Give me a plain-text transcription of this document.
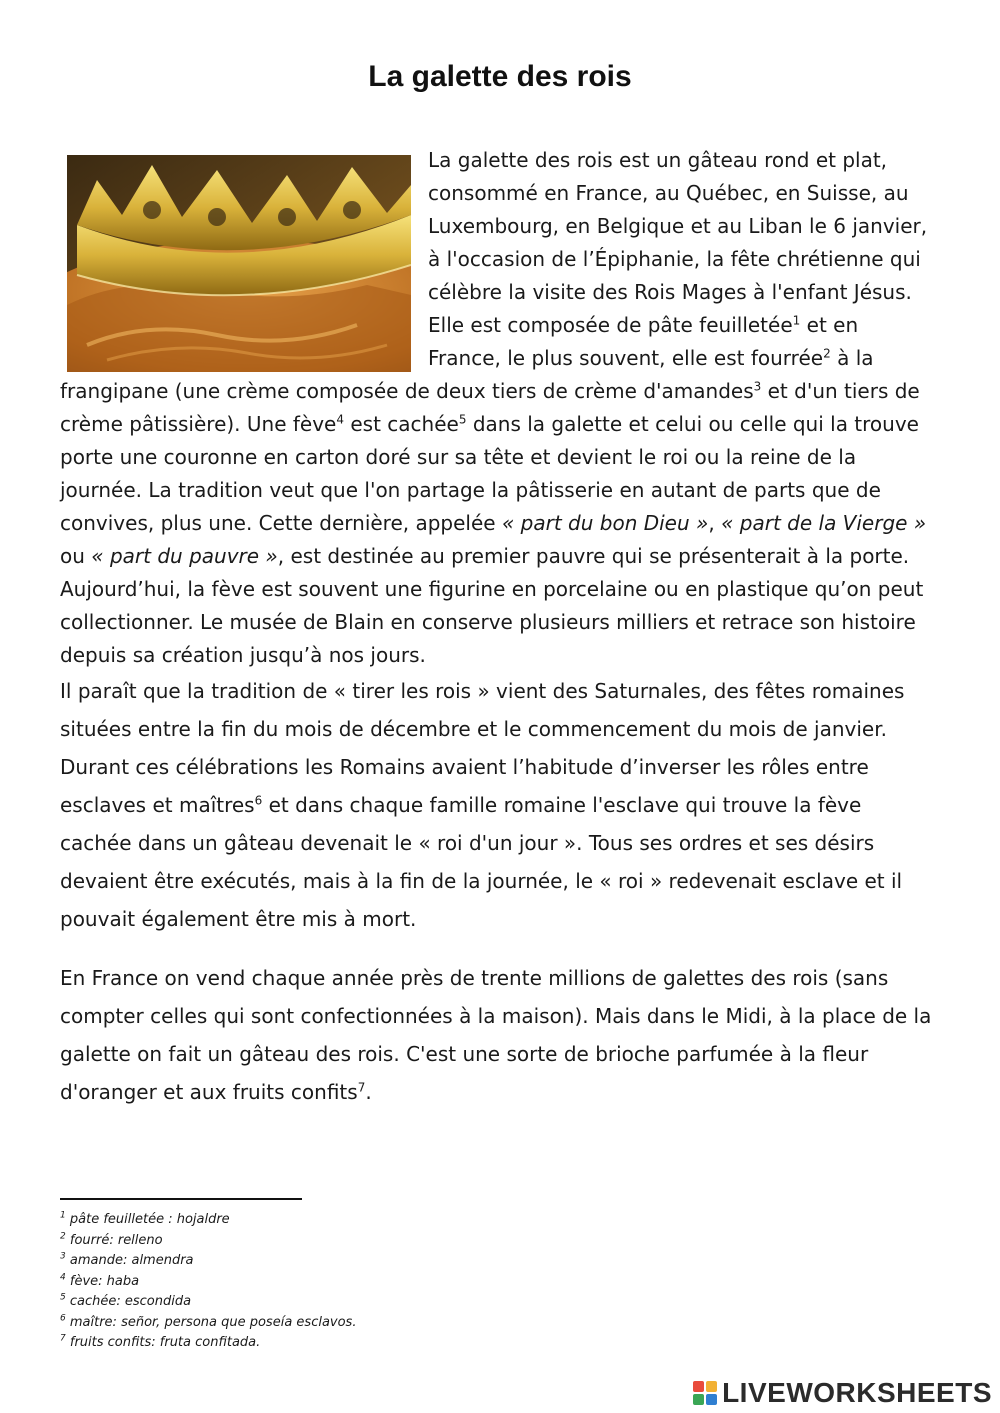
La galette des rois

La galette des rois est un gâteau rond et plat, consommé en France, au Québec, en Suisse, au Luxembourg, en Belgique et au Liban le 6 janvier, à l'occasion de l’Épiphanie, la fête chrétienne qui célèbre la visite des Rois Mages à l'enfant Jésus.

Elle est composée de pâte feuilletée$^1$ et en France, le plus souvent, elle est fourrée$^2$ à la frangipane (une crème composée de deux tiers de crème d'amandes$^3$ et d'un tiers de crème pâtissière). Une fève$^4$ est cachée$^5$ dans la galette et celui ou celle qui la trouve porte une couronne en carton doré sur sa tête et devient le roi ou la reine de la journée. La tradition veut que l'on partage la pâtisserie en autant de parts que de convives, plus une. Cette dernière, appelée « part du bon Dieu », « part de la Vierge » ou « part du pauvre », est destinée au premier pauvre qui se présenterait à la porte.

Aujourd’hui, la fève est souvent une figurine en porcelaine ou en plastique qu’on peut collectionner. Le musée de Blain en conserve plusieurs milliers et retrace son histoire depuis sa création jusqu’à nos jours.

Il paraît que la tradition de « tirer les rois » vient des Saturnales, des fêtes romaines situées entre la fin du mois de décembre et le commencement du mois de janvier. Durant ces célébrations les Romains avaient l’habitude d’inverser les rôles entre esclaves et maîtres$^6$ et dans chaque famille romaine l'esclave qui trouve la fève cachée dans un gâteau devenait le « roi d'un jour ». Tous ses ordres et ses désirs devaient être exécutés, mais à la fin de la journée, le « roi » redevenait esclave et il pouvait également être mis à mort.

En France on vend chaque année près de trente millions de galettes des rois (sans compter celles qui sont confectionnées à la maison). Mais dans le Midi, à la place de la galette on fait un gâteau des rois. C'est une sorte de brioche parfumée à la fleur d'oranger et aux fruits confits$^7$.

$^1$ pâte feuilletée : hojaldre
$^2$ fourré: relleno
$^3$ amande: almendra
$^4$ fève: haba
$^5$ cachée: escondida
$^6$ maître: señor, persona que poseía esclavos.
$^7$ fruits confits: fruta confitada.
LIVEWORKSHEETS
